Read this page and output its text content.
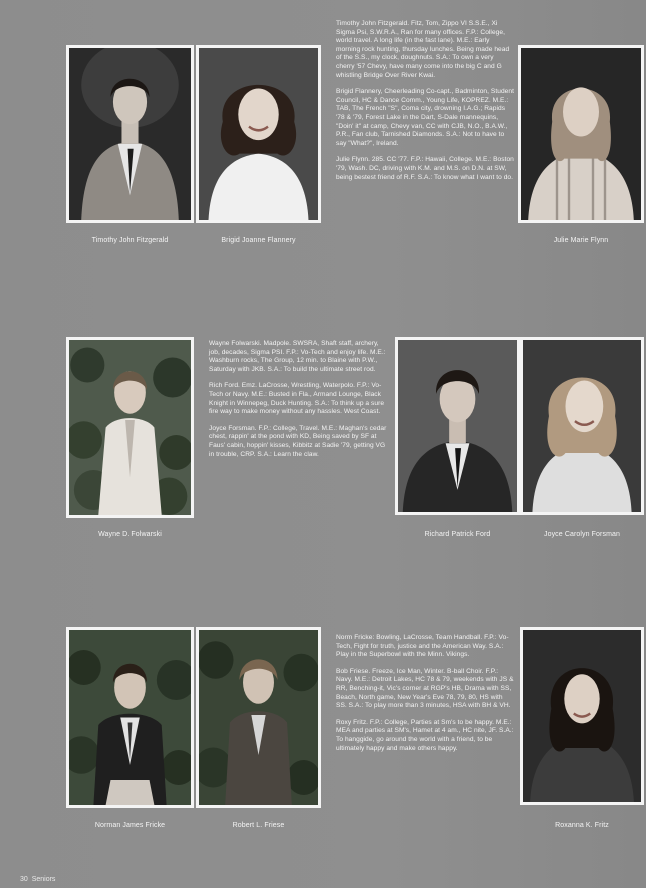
Timothy John Fitzgerald	Brigid Joanne Flannery	Julie Marie Flynn

Timothy John Fitzgerald. Fitz, Tom, Zippo VI S.S.E., Xi Sigma Psi, S.W.R.A., Ran for many offices. F.P.: College, world travel. A long life (in the fast lane). M.E.: Early morning rock hunting, thursday lunches. Being made head of the S.S., my clock, doughnuts. S.A.: To own a very cherry '57 Chevy, have many come into the big C and G whistling Bridge Over River Kwai.

Brigid Flannery, Cheerleading Co-capt., Badminton, Student Council, HC & Dance Comm., Young Life, KOPREZ. M.E.: TAB, The French "S", Coma city, drowning I.A.G.; Rapids '78 & '79, Forest Lake in the Dart, S-Dale mannequins, "Doin' it" at camp, Chevy van, CC with CJB, N.O., B.A.W., P.R., Fan club, Tarnished Diamonds. S.A.: Not to have to say "What?", Ireland.

Julie Flynn. 285. CC '77. F.P.: Hawaii, College. M.E.: Boston '79, Wash. DC, driving with K.M. and M.S. on D.N. at SW, being bestest friend of R.F. S.A.: To know what I want to do.

Wayne D. Folwarski	Richard Patrick Ford	Joyce Carolyn Forsman

Wayne Folwarski. Madpole. SWSRA, Shaft staff, archery, job, decades, Sigma PSI. F.P.: Vo-Tech and enjoy life. M.E.: Washburn rocks, The Group, 12 min. to Blaine with P.W., Saturday with JKB. S.A.: To build the ultimate street rod.

Rich Ford. Emz. LaCrosse, Wrestling, Waterpolo. F.P.: Vo-Tech or Navy. M.E.: Busted in Fla., Armand Lounge, Black Knight in Winnepeg, Duck Hunting. S.A.: To think up a sure fire way to make money without any hassles. West Coast.

Joyce Forsman. F.P.: College, Travel. M.E.: Maghan's cedar chest, rappin' at the pond with KD, Being saved by SF at Faus' cabin, hoppin' kisses, Kibbitz at Sadie '79, getting VG in trouble, CRP. S.A.: Learn the claw.

Norman James Fricke	Robert L. Friese	Roxanna K. Fritz

Norm Fricke: Bowling, LaCrosse, Team Handball. F.P.: Vo-Tech, Fight for truth, justice and the American Way. S.A.: Play in the Superbowl with the Minn. Vikings.

Bob Friese. Freeze, Ice Man, Winter. B-ball Choir. F.P.: Navy. M.E.: Detroit Lakes, HC 78 & 79, weekends with JS & RR, Benching-it, Vic's corner at RGP's HB, Drama with SS, Beach, North game, New Year's Eve 78, 79, 80, HS with SS. S.A.: To play more than 3 minutes, HSA with BH & VH.

Roxy Fritz. F.P.: College, Parties at Sm's to be happy. M.E.: MEA and parties at SM's, Hamet at 4 am., HC nite, JF. S.A.: To hanggide, go around the world with a friend, to be ultimately happy and make others happy.

30 Seniors
